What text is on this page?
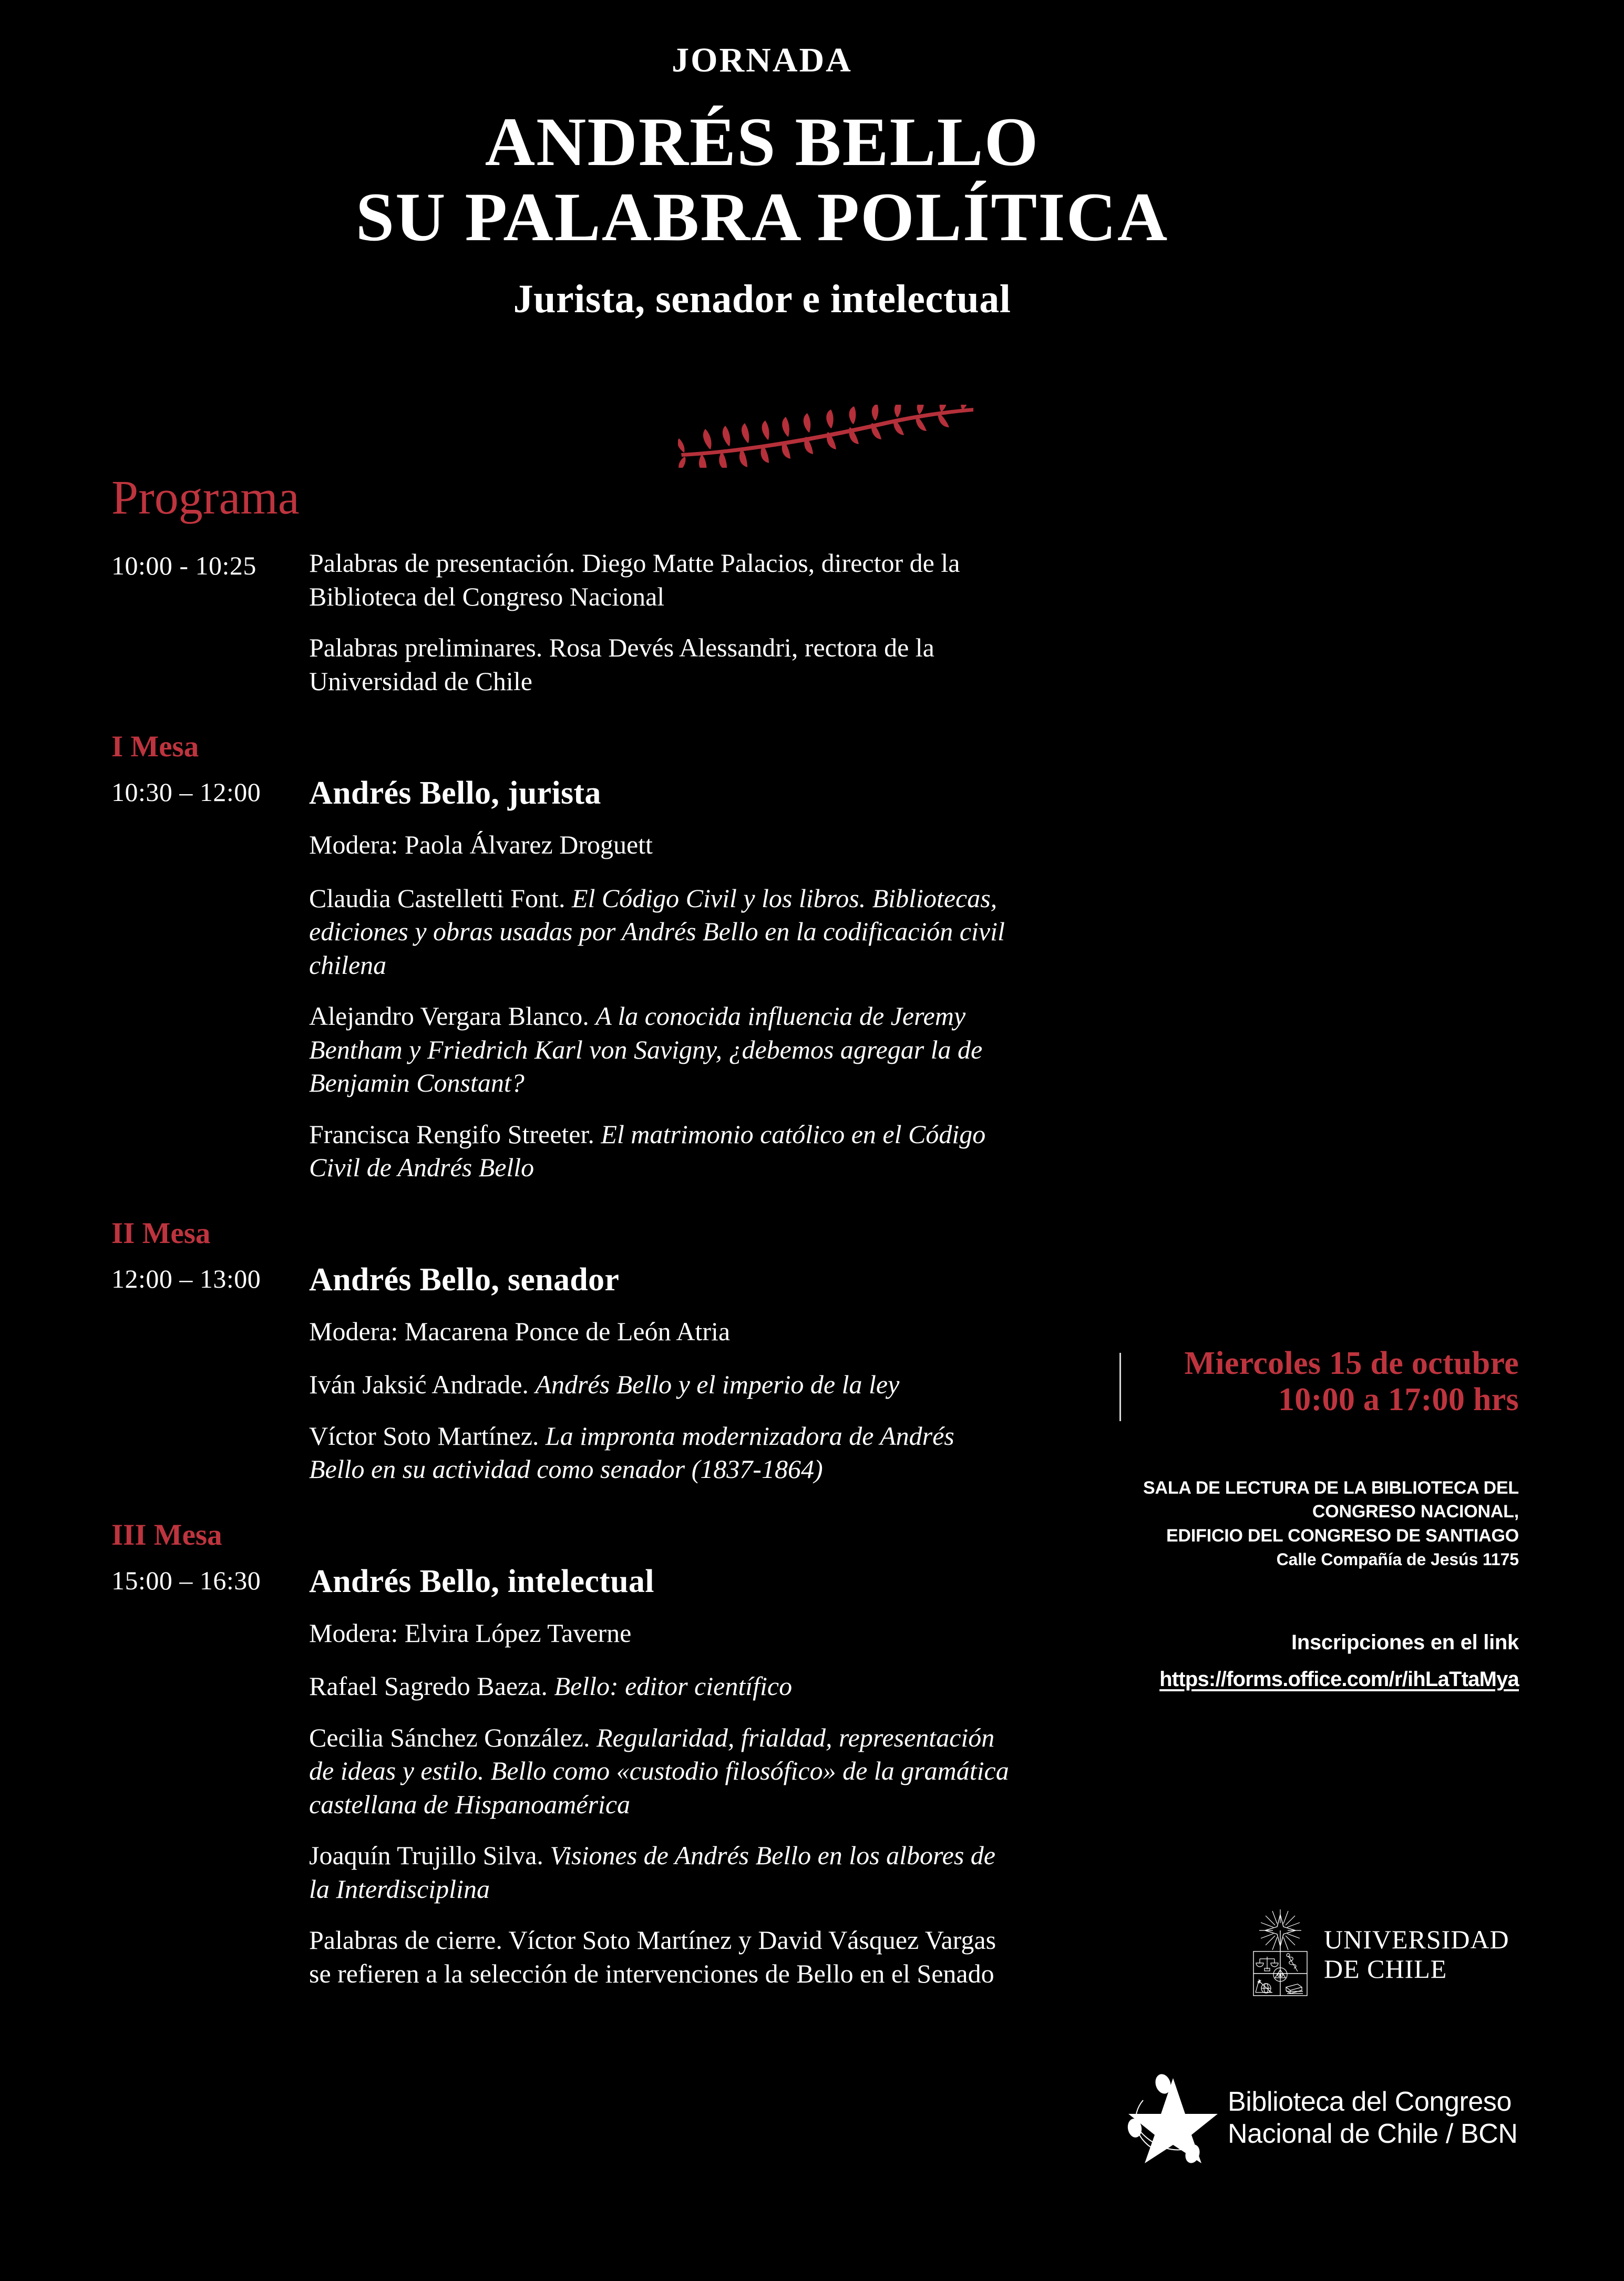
JORNADA
ANDRÉS BELLO
SU PALABRA POLÍTICA
Jurista, senador e intelectual
Programa
10:00 - 10:25	Palabras de presentación. Diego Matte Palacios, director de la Biblioteca del Congreso Nacional
Palabras preliminares. Rosa Devés Alessandri, rectora de la Universidad de Chile
I Mesa
10:30 – 12:00	Andrés Bello, jurista
Modera: Paola Álvarez Droguett
Claudia Castelletti Font. El Código Civil y los libros. Bibliotecas, ediciones y obras usadas por Andrés Bello en la codificación civil chilena
Alejandro Vergara Blanco. A la conocida influencia de Jeremy Bentham y Friedrich Karl von Savigny, ¿debemos agregar la de Benjamin Constant?
Francisca Rengifo Streeter. El matrimonio católico en el Código Civil de Andrés Bello
II Mesa
12:00 – 13:00	Andrés Bello, senador
Modera: Macarena Ponce de León Atria
Iván Jaksić Andrade. Andrés Bello y el imperio de la ley
Víctor Soto Martínez. La impronta modernizadora de Andrés Bello en su actividad como senador (1837-1864)
III Mesa
15:00 – 16:30	Andrés Bello, intelectual
Modera: Elvira López Taverne
Rafael Sagredo Baeza. Bello: editor científico
Cecilia Sánchez González. Regularidad, frialdad, representación de ideas y estilo. Bello como «custodio filosófico» de la gramática castellana de Hispanoamérica
Joaquín Trujillo Silva. Visiones de Andrés Bello en los albores de la Interdisciplina
Palabras de cierre. Víctor Soto Martínez y David Vásquez Vargas se refieren a la selección de intervenciones de Bello en el Senado
Miercoles 15 de octubre
10:00 a 17:00 hrs
SALA DE LECTURA DE LA BIBLIOTECA DEL
CONGRESO NACIONAL,
EDIFICIO DEL CONGRESO DE SANTIAGO
Calle Compañía de Jesús 1175
Inscripciones en el link
https://forms.office.com/r/ihLaTtaMya
UNIVERSIDAD
DE CHILE
Biblioteca del Congreso
Nacional de Chile / BCN
